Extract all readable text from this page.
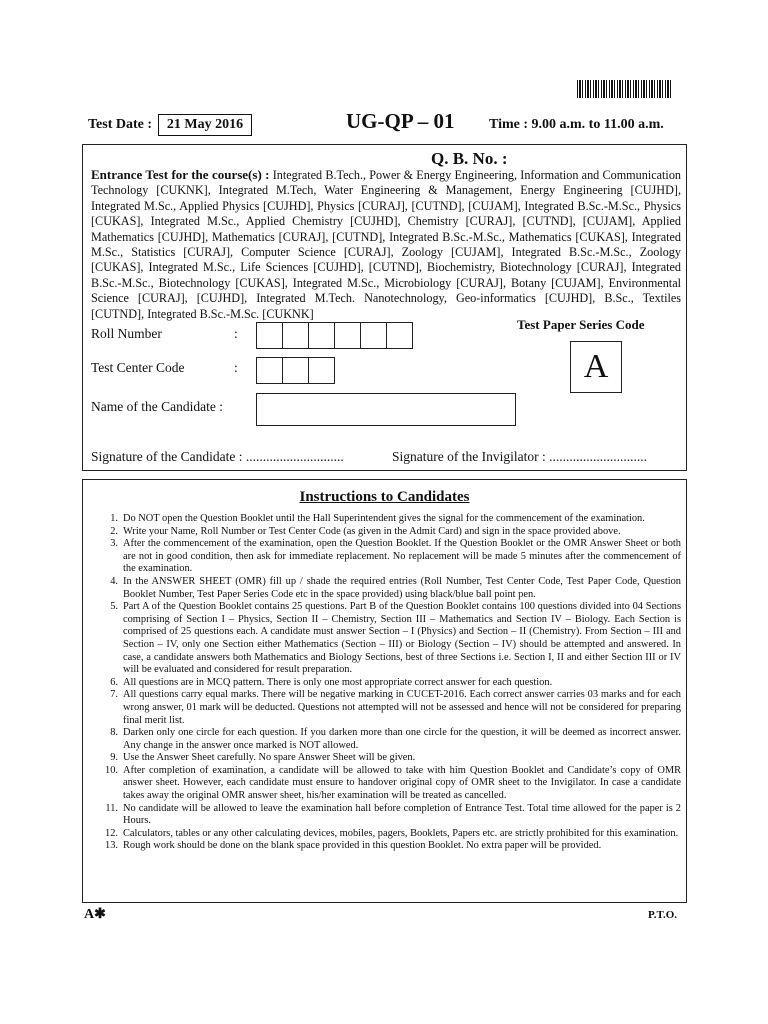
Test Date :	21 May 2016	UG-QP – 01 Time : 9.00 a.m. to 11.00 a.m.
Q. B. No. :
Entrance Test for the course(s) : Integrated B.Tech., Power & Energy Engineering, Information and Communication Technology [CUKNK], Integrated M.Tech, Water Engineering & Management, Energy Engineering [CUJHD], Integrated M.Sc., Applied Physics [CUJHD], Physics [CURAJ], [CUTND], [CUJAM], Integrated B.Sc.-M.Sc., Physics [CUKAS], Integrated M.Sc., Applied Chemistry [CUJHD], Chemistry [CURAJ], [CUTND], [CUJAM], Applied Mathematics [CUJHD], Mathematics [CURAJ], [CUTND], Integrated B.Sc.-M.Sc., Mathematics [CUKAS], Integrated M.Sc., Statistics [CURAJ], Computer Science [CURAJ], Zoology [CUJAM], Integrated B.Sc.-M.Sc., Zoology [CUKAS], Integrated M.Sc., Life Sciences [CUJHD], [CUTND], Biochemistry, Biotechnology [CURAJ], Integrated B.Sc.-M.Sc., Biotechnology [CUKAS], Integrated M.Sc., Microbiology [CURAJ], Botany [CUJAM], Environmental Science [CURAJ], [CUJHD], Integrated M.Tech. Nanotechnology, Geo-informatics [CUJHD], B.Sc., Textiles [CUTND], Integrated B.Sc.-M.Sc. [CUKNK]
Roll Number	:
Test Center Code	:
Name of the Candidate :
Test Paper Series Code
A
Signature of the Candidate : .............................	Signature of the Invigilator : .............................
Instructions to Candidates
1. Do NOT open the Question Booklet until the Hall Superintendent gives the signal for the commencement of the examination.
2. Write your Name, Roll Number or Test Center Code (as given in the Admit Card) and sign in the space provided above.
3. After the commencement of the examination, open the Question Booklet. If the Question Booklet or the OMR Answer Sheet or both are not in good condition, then ask for immediate replacement. No replacement will be made 5 minutes after the commencement of the examination.
4. In the ANSWER SHEET (OMR) fill up / shade the required entries (Roll Number, Test Center Code, Test Paper Code, Question Booklet Number, Test Paper Series Code etc in the space provided) using black/blue ball point pen.
5. Part A of the Question Booklet contains 25 questions. Part B of the Question Booklet contains 100 questions divided into 04 Sections comprising of Section I – Physics, Section II – Chemistry, Section III – Mathematics and Section IV – Biology. Each Section is comprised of 25 questions each. A candidate must answer Section – I (Physics) and Section – II (Chemistry). From Section – III and Section – IV, only one Section either Mathematics (Section – III) or Biology (Section – IV) should be attempted and answered. In case, a candidate answers both Mathematics and Biology Sections, best of three Sections i.e. Section I, II and either Section III or IV will be evaluated and considered for result preparation.
6. All questions are in MCQ pattern. There is only one most appropriate correct answer for each question.
7. All questions carry equal marks. There will be negative marking in CUCET-2016. Each correct answer carries 03 marks and for each wrong answer, 01 mark will be deducted. Questions not attempted will not be assessed and hence will not be considered for preparing final merit list.
8. Darken only one circle for each question. If you darken more than one circle for the question, it will be deemed as incorrect answer. Any change in the answer once marked is NOT allowed.
9. Use the Answer Sheet carefully. No spare Answer Sheet will be given.
10. After completion of examination, a candidate will be allowed to take with him Question Booklet and Candidate’s copy of OMR answer sheet. However, each candidate must ensure to handover original copy of OMR sheet to the Invigilator. In case a candidate takes away the original OMR answer sheet, his/her examination will be treated as cancelled.
11. No candidate will be allowed to leave the examination hall before completion of Entrance Test. Total time allowed for the paper is 2 Hours.
12. Calculators, tables or any other calculating devices, mobiles, pagers, Booklets, Papers etc. are strictly prohibited for this examination.
13. Rough work should be done on the blank space provided in this question Booklet. No extra paper will be provided.
A✱	P.T.O.
